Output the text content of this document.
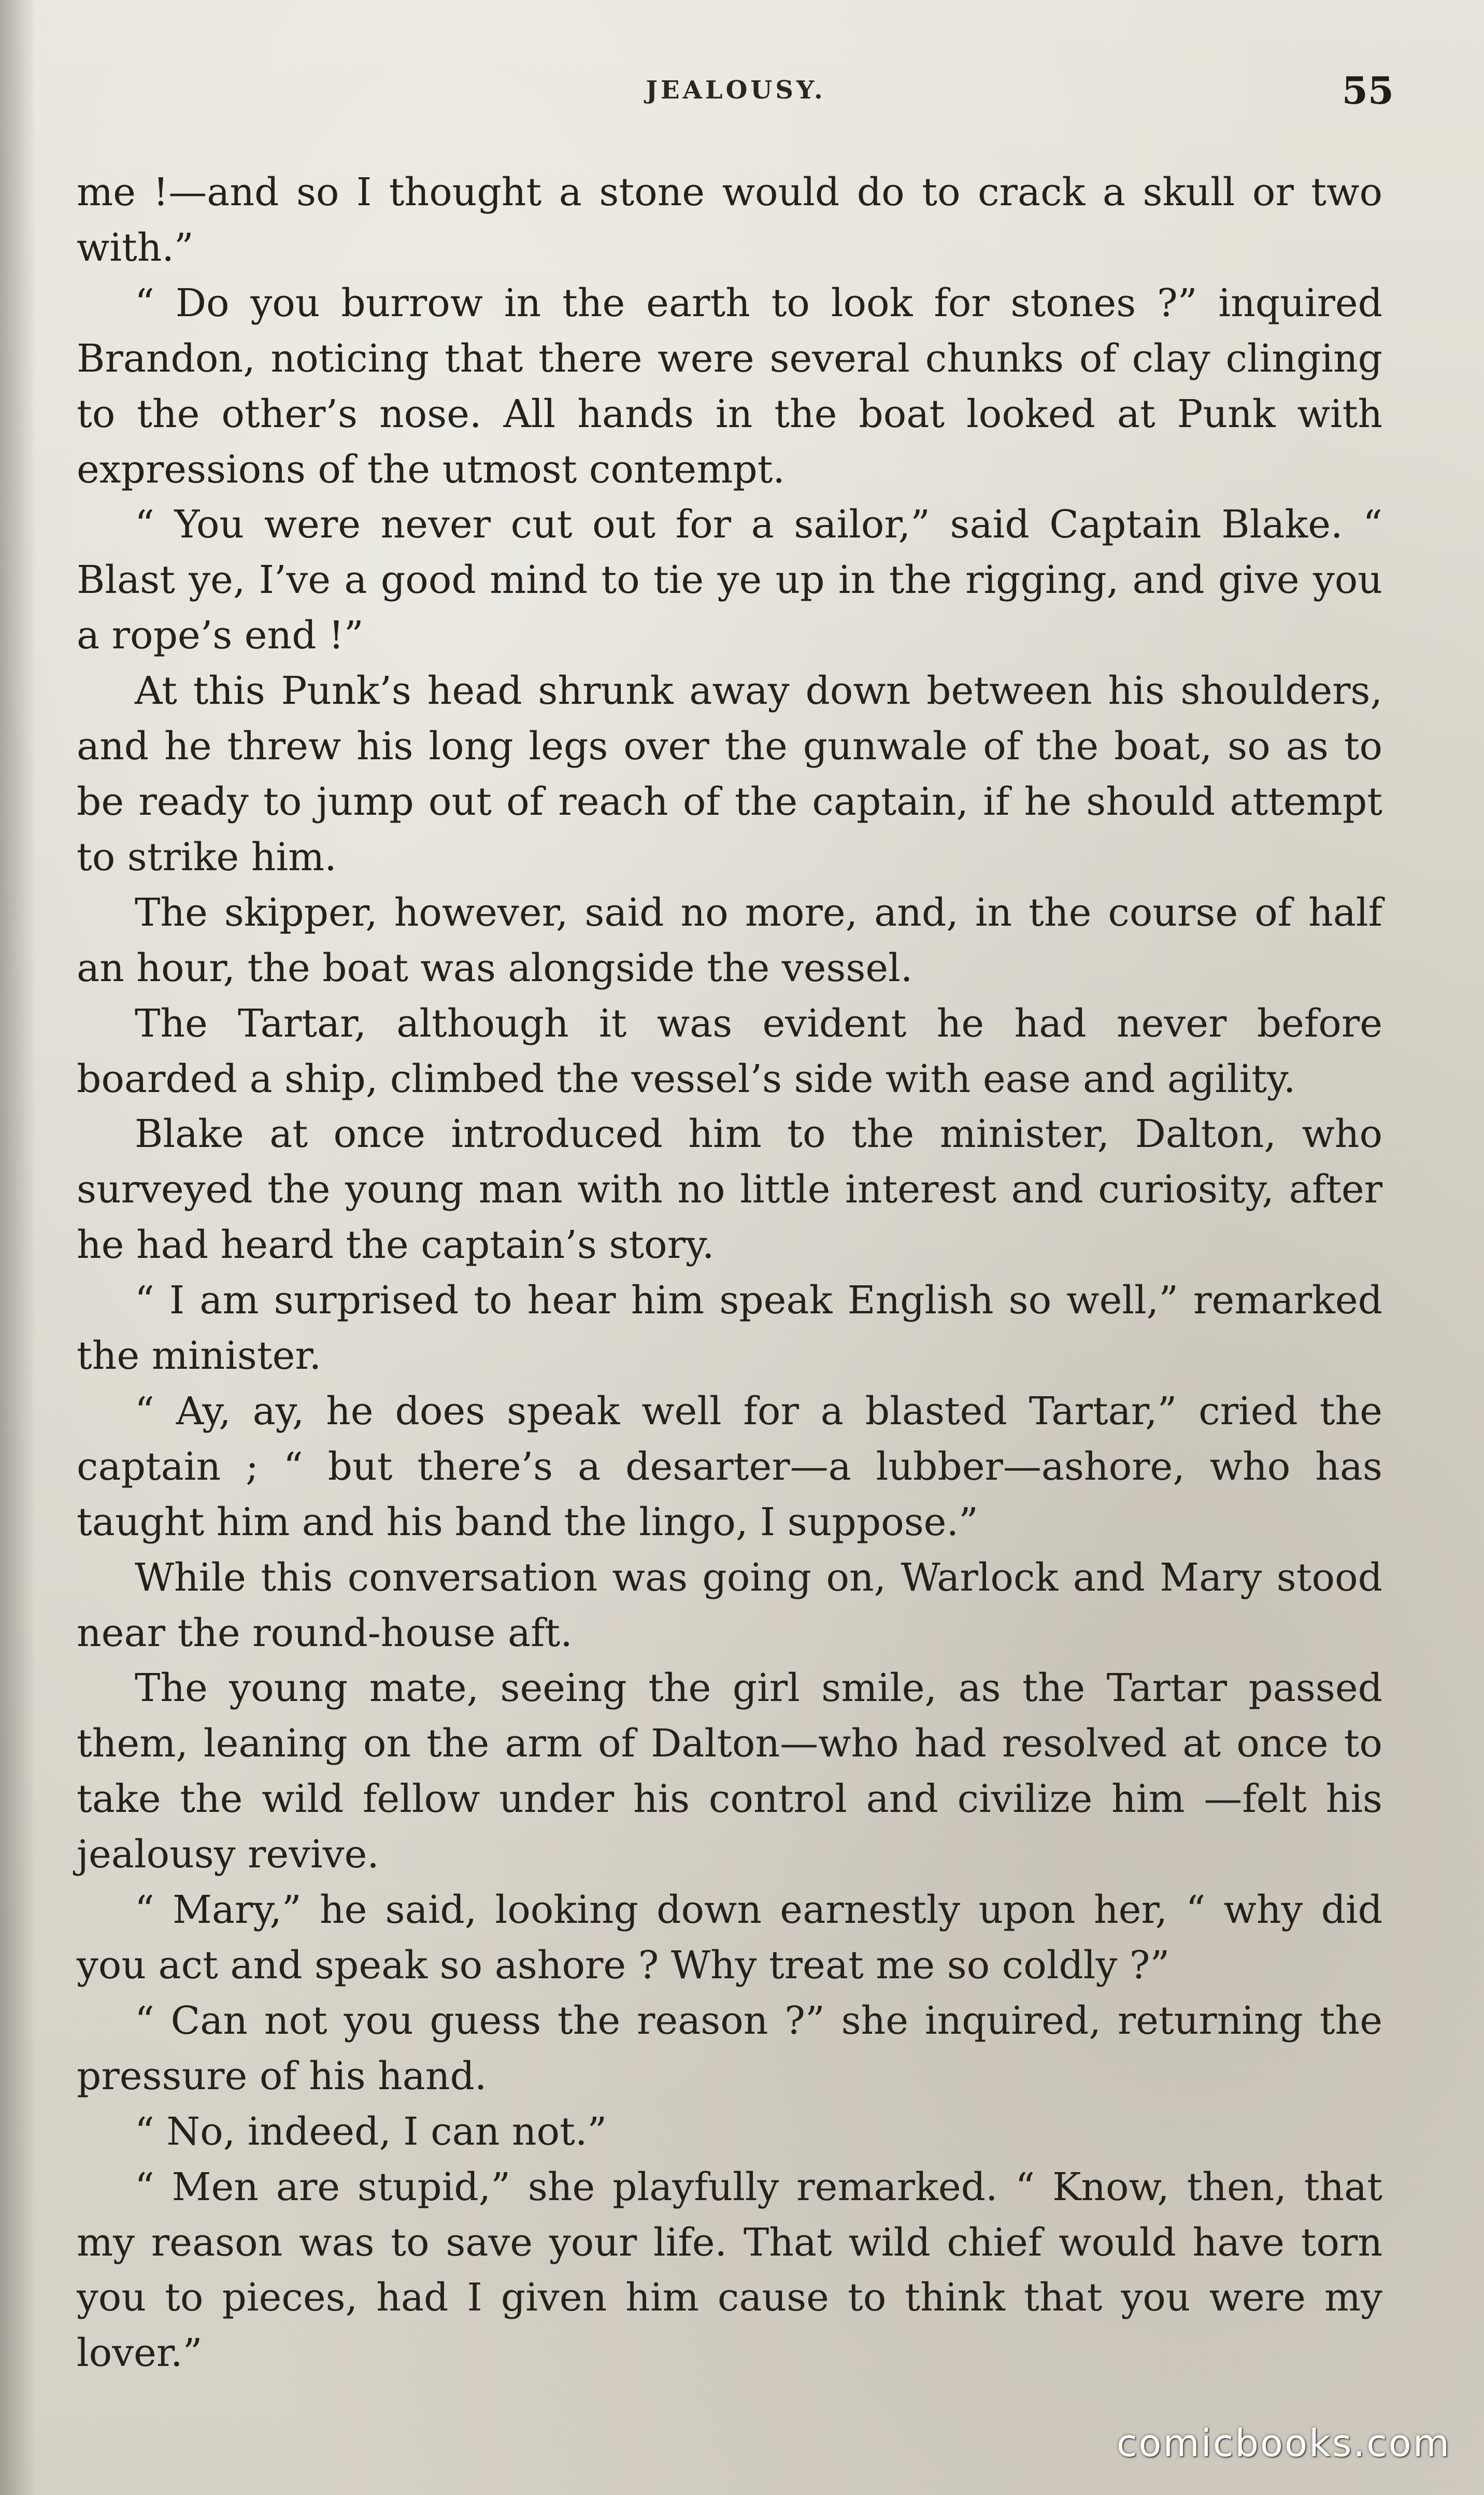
JEALOUSY.	55

me !—and so I thought a stone would do to crack a skull or two with.”

“ Do you burrow in the earth to look for stones ?” inquired Brandon, noticing that there were several chunks of clay clinging to the other’s nose. All hands in the boat looked at Punk with expressions of the utmost contempt.

“ You were never cut out for a sailor,” said Captain Blake. “ Blast ye, I’ve a good mind to tie ye up in the rigging, and give you a rope’s end !”

At this Punk’s head shrunk away down between his shoulders, and he threw his long legs over the gunwale of the boat, so as to be ready to jump out of reach of the captain, if he should attempt to strike him.

The skipper, however, said no more, and, in the course of half an hour, the boat was alongside the vessel.

The Tartar, although it was evident he had never before boarded a ship, climbed the vessel’s side with ease and agility.

Blake at once introduced him to the minister, Dalton, who surveyed the young man with no little interest and curiosity, after he had heard the captain’s story.

“ I am surprised to hear him speak English so well,” remarked the minister.

“ Ay, ay, he does speak well for a blasted Tartar,” cried the captain ; “ but there’s a desarter—a lubber—ashore, who has taught him and his band the lingo, I suppose.”

While this conversation was going on, Warlock and Mary stood near the round-house aft.

The young mate, seeing the girl smile, as the Tartar passed them, leaning on the arm of Dalton—who had resolved at once to take the wild fellow under his control and civilize him —felt his jealousy revive.

“ Mary,” he said, looking down earnestly upon her, “ why did you act and speak so ashore ? Why treat me so coldly ?”

“ Can not you guess the reason ?” she inquired, returning the pressure of his hand.

“ No, indeed, I can not.”

“ Men are stupid,” she playfully remarked. “ Know, then, that my reason was to save your life. That wild chief would have torn you to pieces, had I given him cause to think that you were my lover.”

comicbooks.com
